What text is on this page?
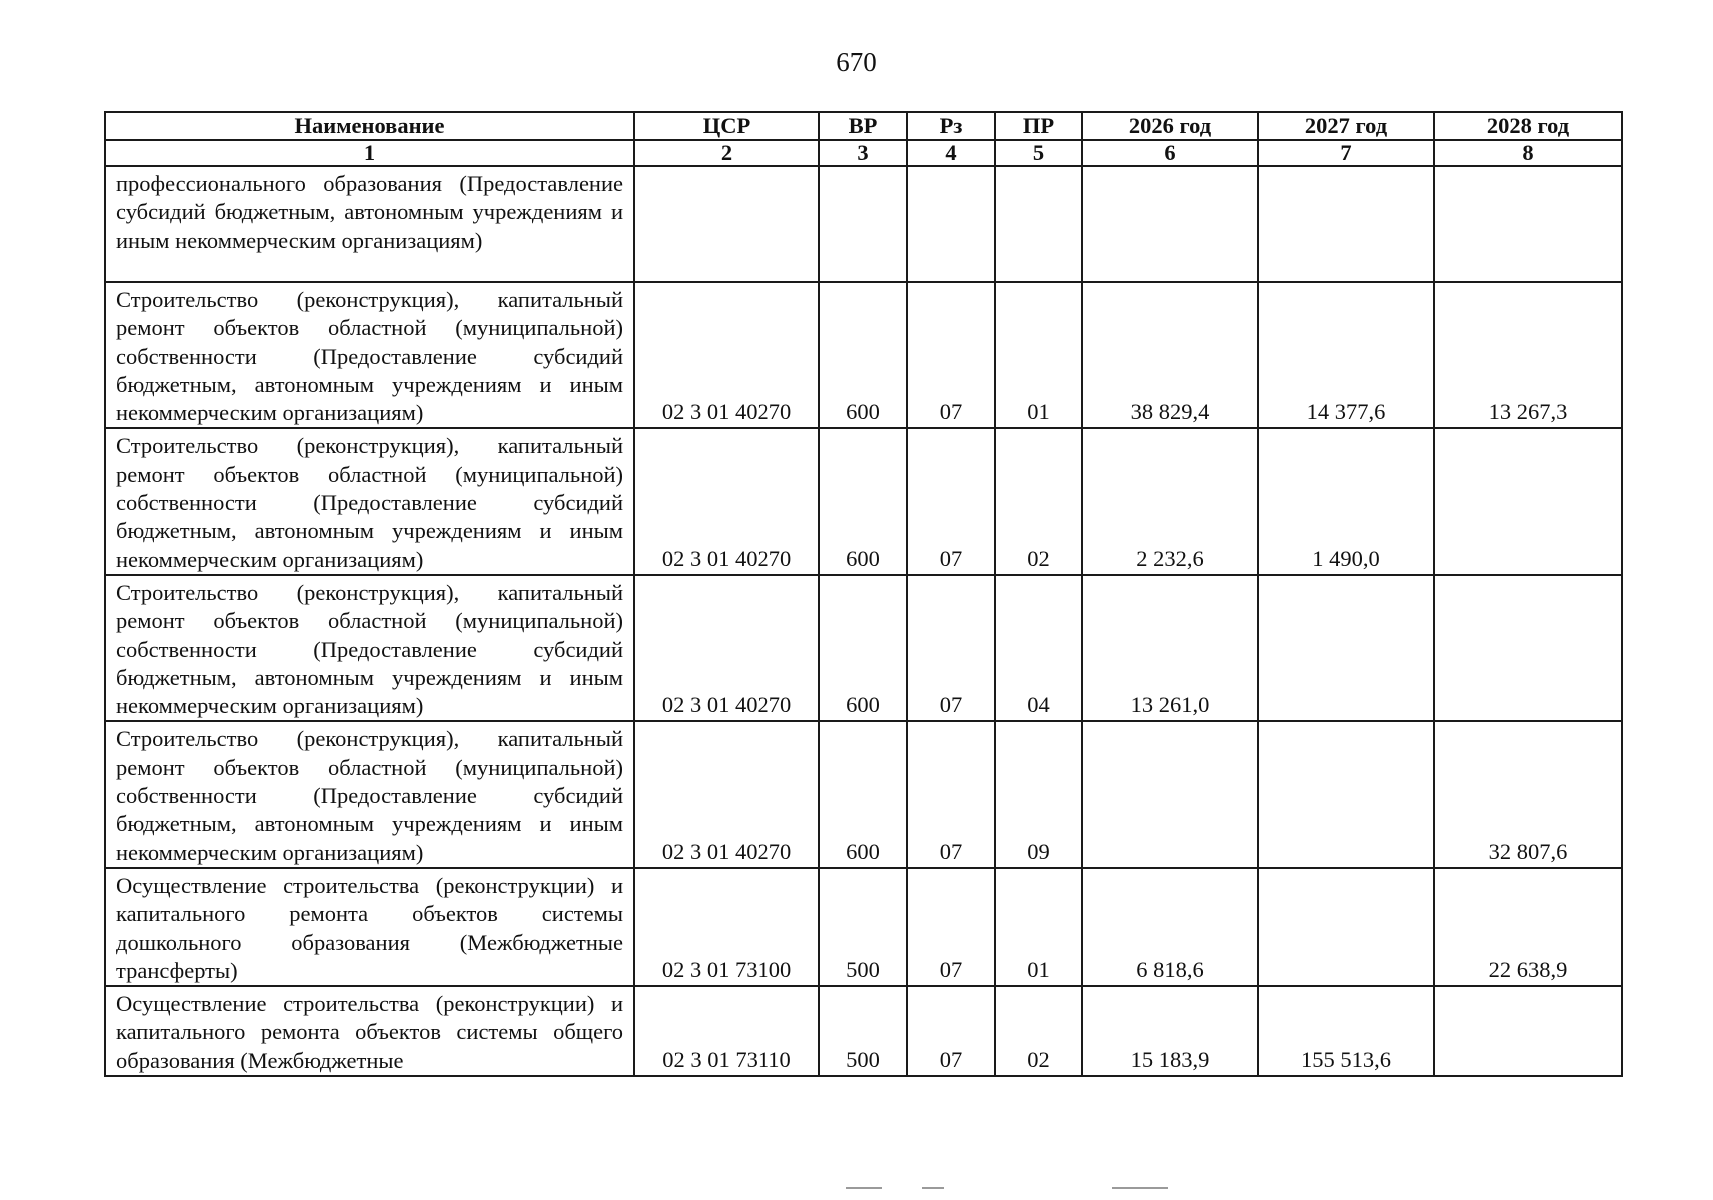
670
Наименование	ЦСР	ВР	Рз	ПР	2026 год	2027 год	2028 год
1	2	3	4	5	6	7	8
профессионального образования (Предоставление субсидий бюджетным, автономным учреждениям и иным некоммерческим организациям)							
Строительство (реконструкция), капитальный ремонт объектов областной (муниципальной) собственности (Предоставление субсидий бюджетным, автономным учреждениям и иным некоммерческим организациям)	02 3 01 40270	600	07	01	38 829,4	14 377,6	13 267,3
Строительство (реконструкция), капитальный ремонт объектов областной (муниципальной) собственности (Предоставление субсидий бюджетным, автономным учреждениям и иным некоммерческим организациям)	02 3 01 40270	600	07	02	2 232,6	1 490,0	
Строительство (реконструкция), капитальный ремонт объектов областной (муниципальной) собственности (Предоставление субсидий бюджетным, автономным учреждениям и иным некоммерческим организациям)	02 3 01 40270	600	07	04	13 261,0		
Строительство (реконструкция), капитальный ремонт объектов областной (муниципальной) собственности (Предоставление субсидий бюджетным, автономным учреждениям и иным некоммерческим организациям)	02 3 01 40270	600	07	09			32 807,6
Осуществление строительства (реконструкции) и капитального ремонта объектов системы дошкольного образования (Межбюджетные трансферты)	02 3 01 73100	500	07	01	6 818,6		22 638,9
Осуществление строительства (реконструкции) и капитального ремонта объектов системы общего образования (Межбюджетные	02 3 01 73110	500	07	02	15 183,9	155 513,6	
